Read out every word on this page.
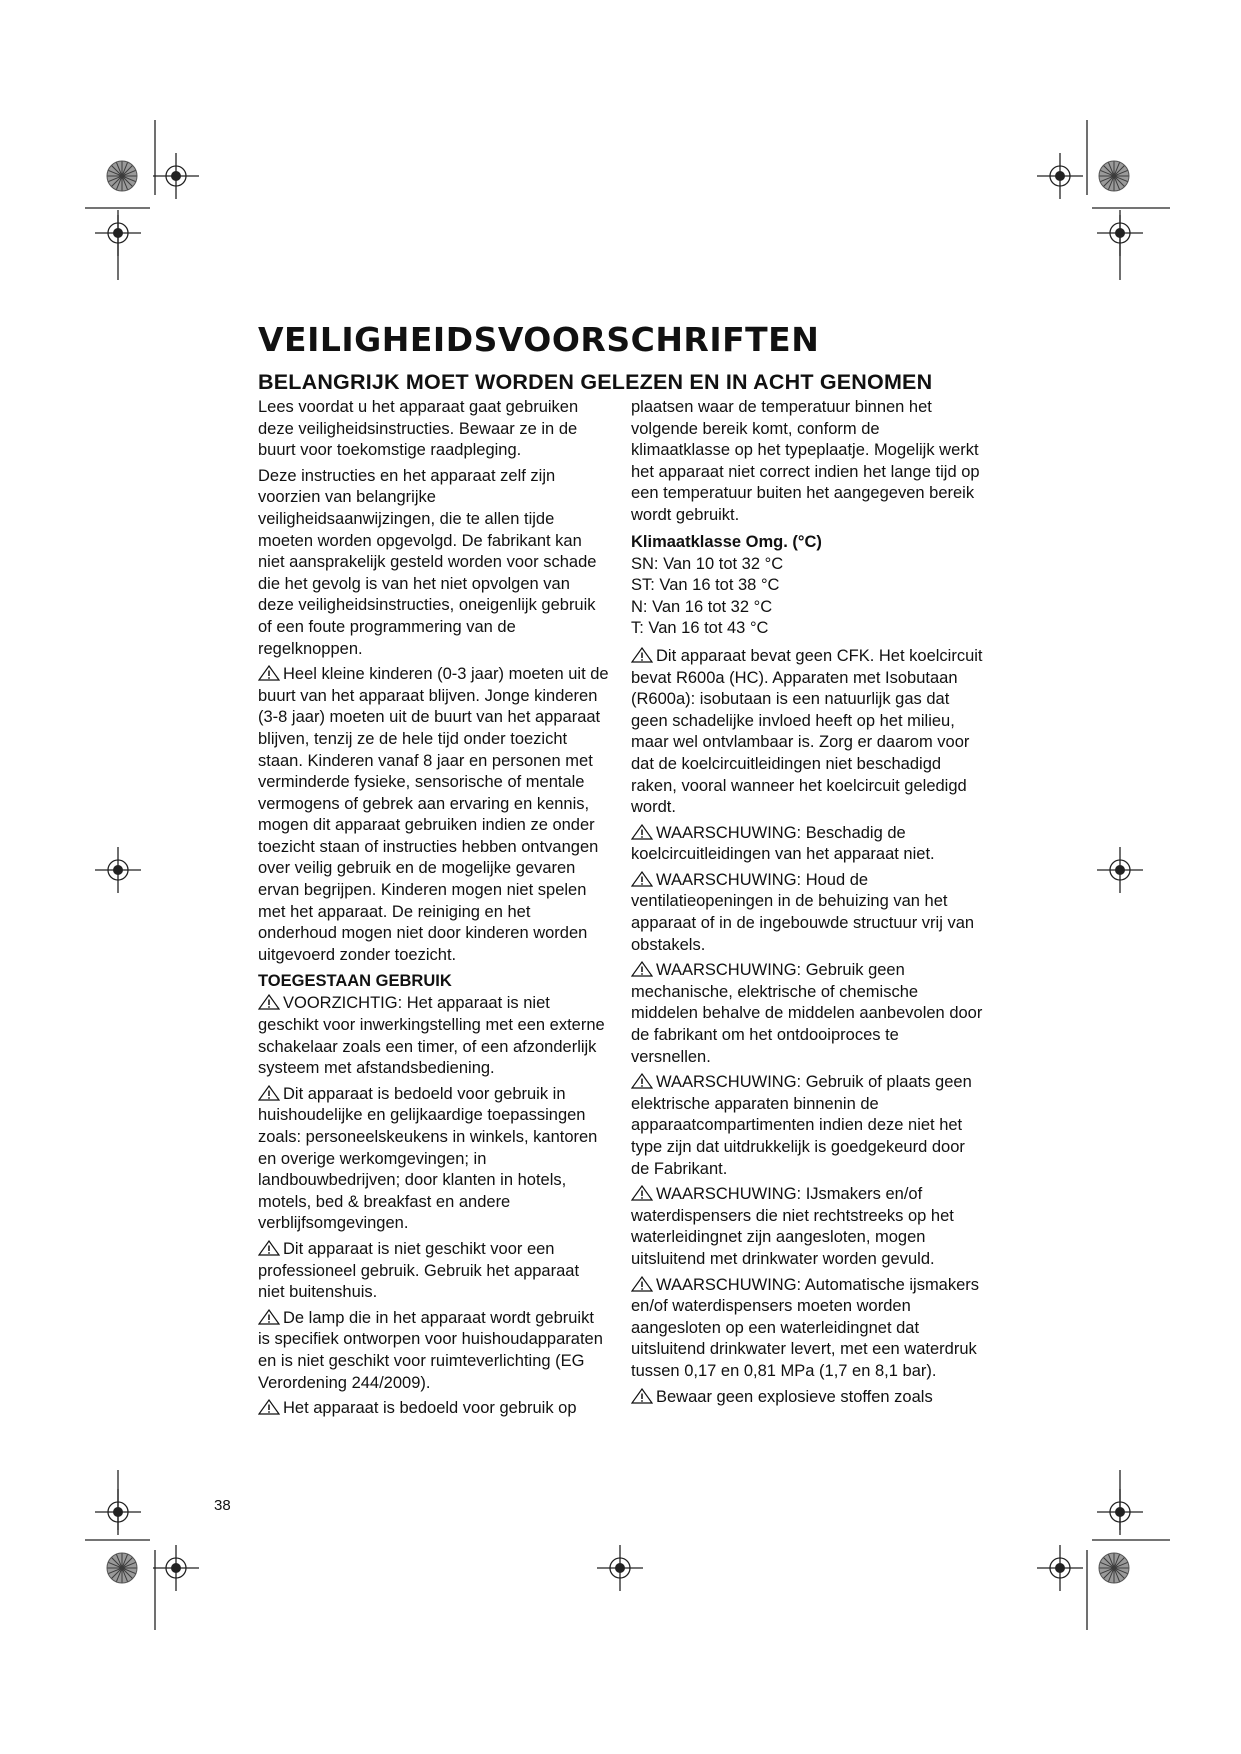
VEILIGHEIDSVOORSCHRIFTEN
BELANGRIJK MOET WORDEN GELEZEN EN IN ACHT GENOMEN

Lees voordat u het apparaat gaat gebruiken deze veiligheidsinstructies. Bewaar ze in de buurt voor toekomstige raadpleging.

Deze instructies en het apparaat zelf zijn voorzien van belangrijke veiligheidsaanwijzingen, die te allen tijde moeten worden opgevolgd. De fabrikant kan niet aansprakelijk gesteld worden voor schade die het gevolg is van het niet opvolgen van deze veiligheidsinstructies, oneigenlijk gebruik of een foute programmering van de regelknoppen.

Heel kleine kinderen (0-3 jaar) moeten uit de buurt van het apparaat blijven. Jonge kinderen (3-8 jaar) moeten uit de buurt van het apparaat blijven, tenzij ze de hele tijd onder toezicht staan. Kinderen vanaf 8 jaar en personen met verminderde fysieke, sensorische of mentale vermogens of gebrek aan ervaring en kennis, mogen dit apparaat gebruiken indien ze onder toezicht staan of instructies hebben ontvangen over veilig gebruik en de mogelijke gevaren ervan begrijpen. Kinderen mogen niet spelen met het apparaat. De reiniging en het onderhoud mogen niet door kinderen worden uitgevoerd zonder toezicht.

TOEGESTAAN GEBRUIK

VOORZICHTIG: Het apparaat is niet geschikt voor inwerkingstelling met een externe schakelaar zoals een timer, of een afzonderlijk systeem met afstandsbediening.

Dit apparaat is bedoeld voor gebruik in huishoudelijke en gelijkaardige toepassingen zoals: personeelskeukens in winkels, kantoren en overige werkomgevingen; in landbouwbedrijven; door klanten in hotels, motels, bed & breakfast en andere verblijfsomgevingen.

Dit apparaat is niet geschikt voor een professioneel gebruik. Gebruik het apparaat niet buitenshuis.

De lamp die in het apparaat wordt gebruikt is specifiek ontworpen voor huishoudapparaten en is niet geschikt voor ruimteverlichting (EG Verordening 244/2009).

Het apparaat is bedoeld voor gebruik op

plaatsen waar de temperatuur binnen het volgende bereik komt, conform de klimaatklasse op het typeplaatje. Mogelijk werkt het apparaat niet correct indien het lange tijd op een temperatuur buiten het aangegeven bereik wordt gebruikt.

Klimaatklasse Omg. (°C)
SN: Van 10 tot 32 °C
ST: Van 16 tot 38 °C
N: Van 16 tot 32 °C
T: Van 16 tot 43 °C

Dit apparaat bevat geen CFK. Het koelcircuit bevat R600a (HC). Apparaten met Isobutaan (R600a): isobutaan is een natuurlijk gas dat geen schadelijke invloed heeft op het milieu, maar wel ontvlambaar is. Zorg er daarom voor dat de koelcircuitleidingen niet beschadigd raken, vooral wanneer het koelcircuit geledigd wordt.

WAARSCHUWING: Beschadig de koelcircuitleidingen van het apparaat niet.

WAARSCHUWING: Houd de ventilatieopeningen in de behuizing van het apparaat of in de ingebouwde structuur vrij van obstakels.

WAARSCHUWING: Gebruik geen mechanische, elektrische of chemische middelen behalve de middelen aanbevolen door de fabrikant om het ontdooiproces te versnellen.

WAARSCHUWING: Gebruik of plaats geen elektrische apparaten binnenin de apparaatcompartimenten indien deze niet het type zijn dat uitdrukkelijk is goedgekeurd door de Fabrikant.

WAARSCHUWING: IJsmakers en/of waterdispensers die niet rechtstreeks op het waterleidingnet zijn aangesloten, mogen uitsluitend met drinkwater worden gevuld.

WAARSCHUWING: Automatische ijsmakers en/of waterdispensers moeten worden aangesloten op een waterleidingnet dat uitsluitend drinkwater levert, met een waterdruk tussen 0,17 en 0,81 MPa (1,7 en 8,1 bar).

Bewaar geen explosieve stoffen zoals

38
